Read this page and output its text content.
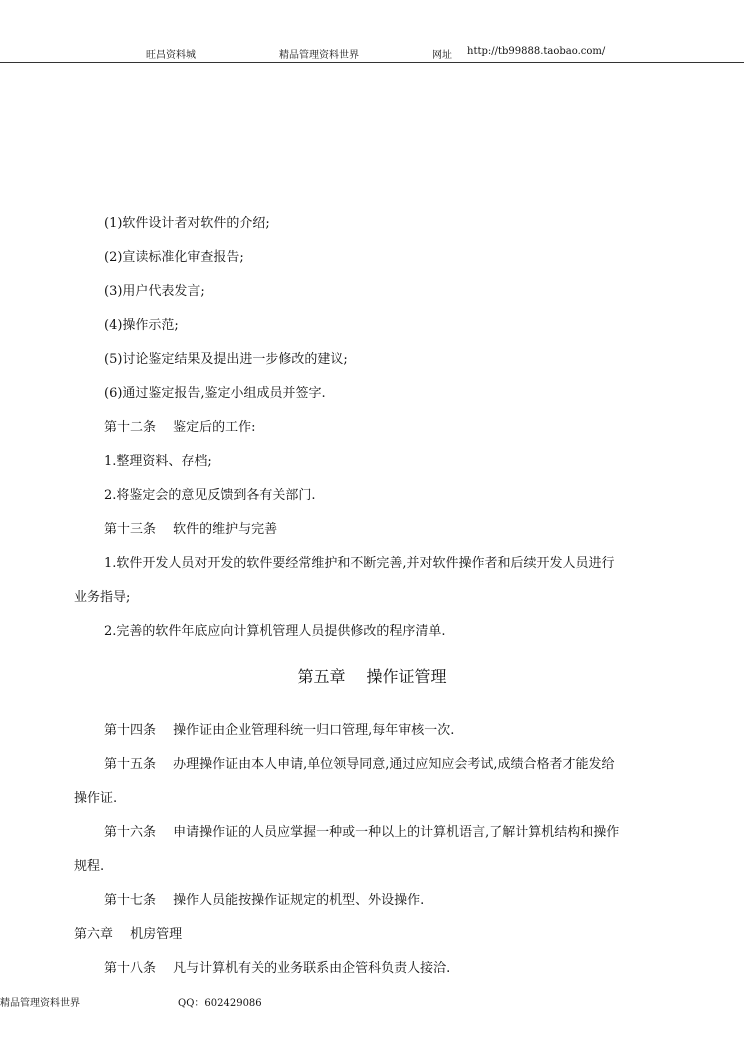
旺昌资料城	精品管理资料世界	网址 http://tb99888.taobao.com/
(1)软件设计者对软件的介绍;
(2)宣读标准化审查报告;
(3)用户代表发言;
(4)操作示范;
(5)讨论鉴定结果及提出进一步修改的建议;
(6)通过鉴定报告,鉴定小组成员并签字.
第十二条　 鉴定后的工作:
1.整理资料、存档;
2.将鉴定会的意见反馈到各有关部门.
第十三条　 软件的维护与完善
1.软件开发人员对开发的软件要经常维护和不断完善,并对软件操作者和后续开发人员进行
业务指导;
2.完善的软件年底应向计算机管理人员提供修改的程序清单.
第五章　 操作证管理
第十四条　 操作证由企业管理科统一归口管理,每年审核一次.
第十五条　 办理操作证由本人申请,单位领导同意,通过应知应会考试,成绩合格者才能发给
操作证.
第十六条　 申请操作证的人员应掌握一种或一种以上的计算机语言,了解计算机结构和操作
规程.
第十七条　 操作人员能按操作证规定的机型、外设操作.
第六章　 机房管理
第十八条　 凡与计算机有关的业务联系由企管科负责人接洽.
精品管理资料世界	QQ：602429086
